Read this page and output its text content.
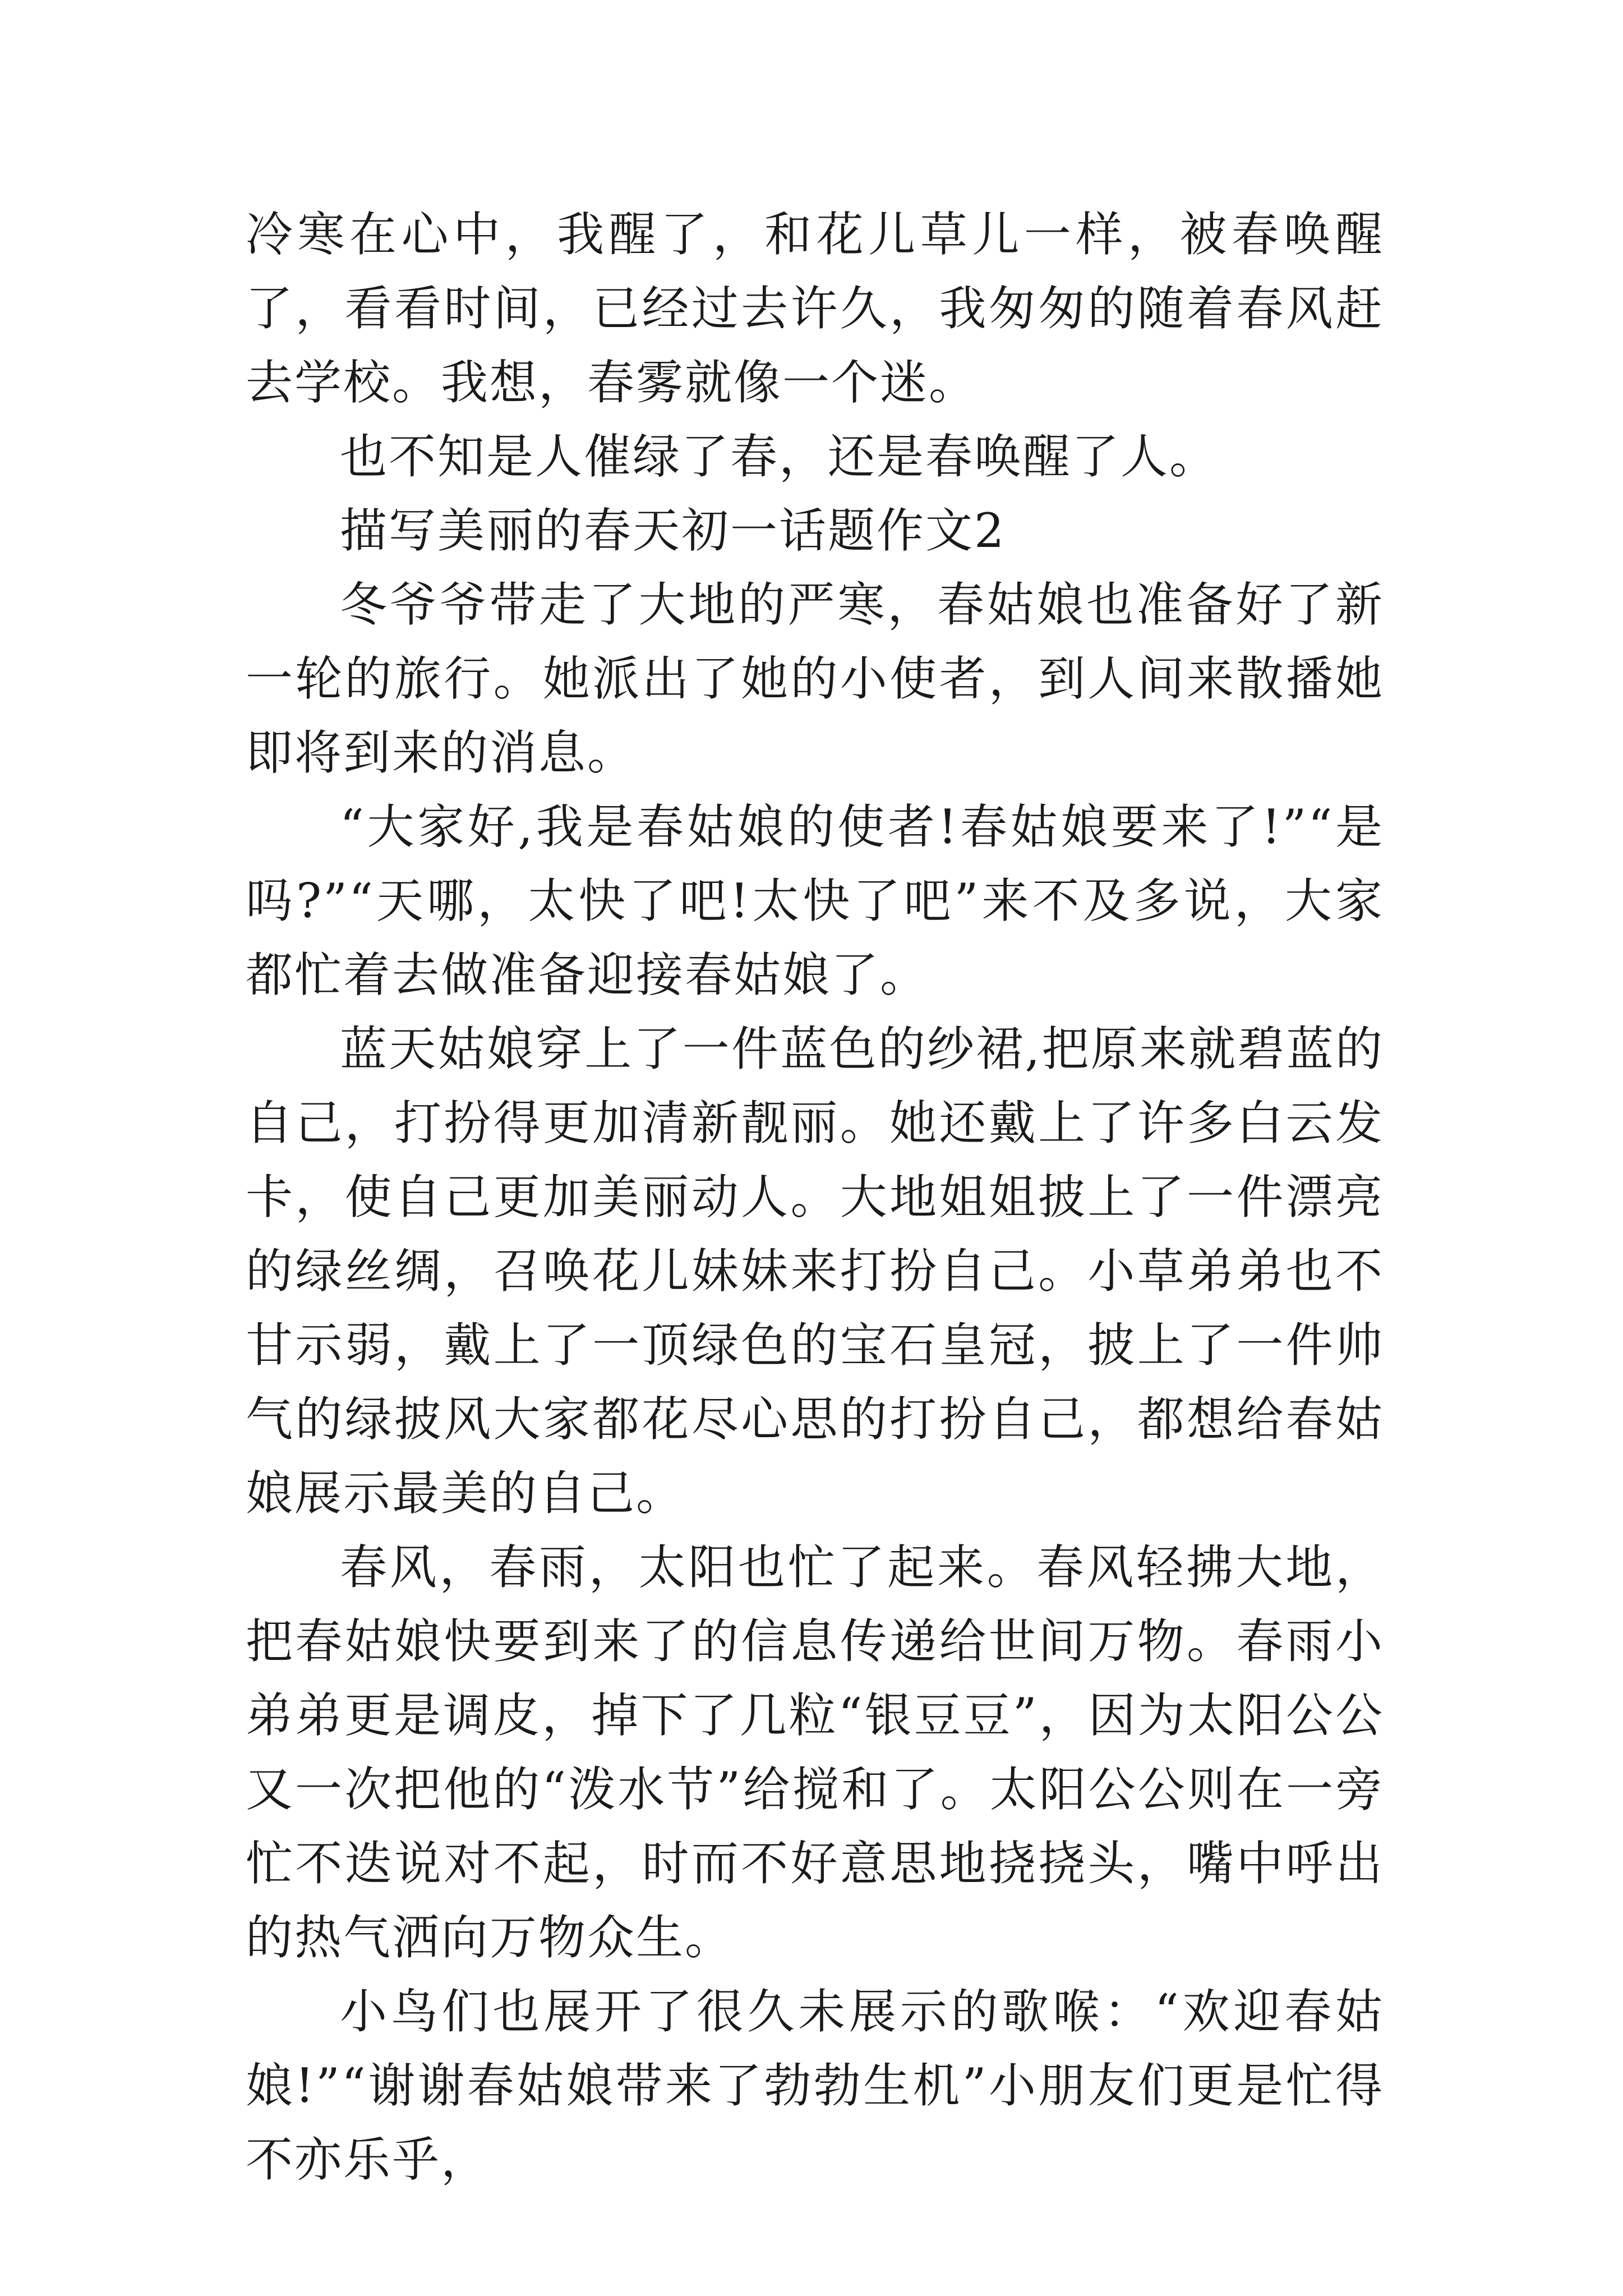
冷寒在心中，我醒了，和花儿草儿一样，被春唤醒了，看看时间，已经过去许久，我匆匆的随着春风赶去学校。我想，春雾就像一个迷。

也不知是人催绿了春，还是春唤醒了人。

描写美丽的春天初一话题作文2

冬爷爷带走了大地的严寒，春姑娘也准备好了新一轮的旅行。她派出了她的小使者，到人间来散播她即将到来的消息。

“大家好,我是春姑娘的使者!春姑娘要来了!”“是吗?”“天哪，太快了吧!太快了吧”来不及多说，大家都忙着去做准备迎接春姑娘了。

蓝天姑娘穿上了一件蓝色的纱裙,把原来就碧蓝的自己，打扮得更加清新靓丽。她还戴上了许多白云发卡，使自己更加美丽动人。大地姐姐披上了一件漂亮的绿丝绸，召唤花儿妹妹来打扮自己。小草弟弟也不甘示弱，戴上了一顶绿色的宝石皇冠，披上了一件帅气的绿披风大家都花尽心思的打扮自己，都想给春姑娘展示最美的自己。

春风，春雨，太阳也忙了起来。春风轻拂大地，把春姑娘快要到来了的信息传递给世间万物。春雨小弟弟更是调皮，掉下了几粒“银豆豆”，因为太阳公公又一次把他的“泼水节”给搅和了。太阳公公则在一旁忙不迭说对不起，时而不好意思地挠挠头，嘴中呼出的热气洒向万物众生。

小鸟们也展开了很久未展示的歌喉：“欢迎春姑娘!”“谢谢春姑娘带来了勃勃生机”小朋友们更是忙得不亦乐乎，
